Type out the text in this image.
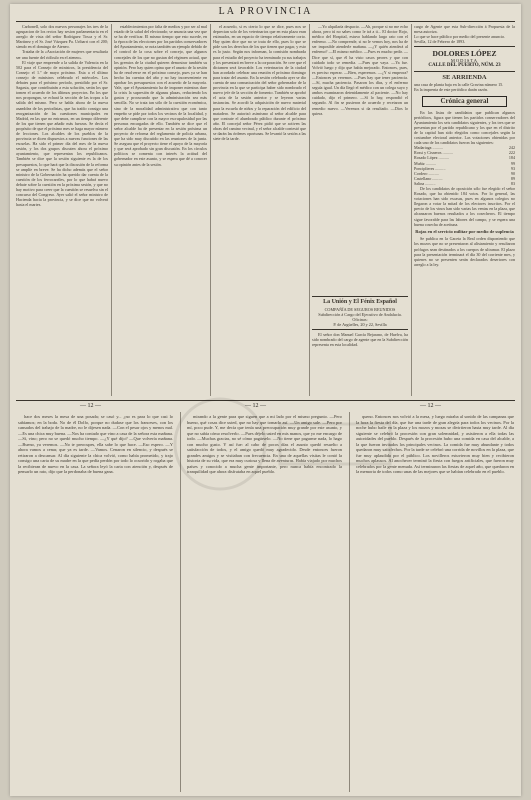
LA PROVINCIA

Carbonell, solo dos nuevos personajes los tres de la agrupacion de los rectos hay sesion parlamentaria en el arreglo de vista del señor Rodriguez Tosca y el Sr. Martinez y el Sr. José Vázquez Pa. Uribarri con el 200; siendo en el domingo de Ateneo.

Trataba de la «Asociación de mujeres que resultaría ser una fuente del ridículo en el ateneo».

El viaje que emprende a la salida de Valencia en la 502 para el Consejo de ministros, la presidencia del Consejo el 1.º de mayo próximo. Esta a el último consejo de ministros celebrado el miércoles. Los debates para el próximo período, presidido por el Sr. Sagasta, que contribuirán a esta solución, serán los que tomen el acuerdo de los últimos proyectos. En los que nos propongan, se echará la sección de las tropas a la salida del mismo. Pero se habla ahora de la nueva asamblea de los periodistas, que ha traído consigo una reorganización de las cuestiones municipales en Madrid, en las que no entramos, en un tiempo diferente de los que tienen que añadir más fuerzas. Se decía el propósito de que el próximo mes se haga mayor número de lecciones. Los alcaldes de los pueblos de la provincia se dicen dispuestos a nuevas funciones de las escuelas. Ha sido el primer día del mes de la nueva sesión, y los dos grupos discuten ahora el próximo ayuntamiento, que representan los republicanos. También se dice que la sesión siguiente es la de los presupuestos, lo que hará que la discusión de la reforma se amplíe en breve. Se ha dicho además que el señor ministro de la Gobernación ha querido dar cuenta de la cuestión de los ferrocarriles, por lo que habrá nuevo debate sobre la cuestión en la próxima sesión, y que no hay motivo para creer que la cuestión se resuelva sin el concurso del Congreso. Ayer salió el señor ministro de Hacienda hacia la provincia, y se dice que no volverá hasta el martes.

establecimientos por falta de medios y por ser al mal estado de la salud del electorado; se anuncia una vez que se ha de verificar. El mismo tiempo que esto sucede, en la época de las elecciones por los partidos conservadores del Ayuntamiento, se nota también un ejemplo debido de el control de la cosa sobre el concejo, que algunos concejales de los que no gustan del régimen actual, que los gremios de la ciudad quieren demostrar también su opinión. Pero hay quien opina que el asunto de la sesión ha de resolverse en el próximo consejo, pues ya se han hecho las cuentas del año y no hay inconveniente en aprobar los presupuestos con el acuerdo de la mayoría. Vale, que el Ayuntamiento ha de imponer mientras dure la crisis la supresión de algunas plazas, reduciendo los gastos y procurando que la administración sea más sencilla. No se trata tan sólo de la cuestión económica, sino de la moralidad administrativa que con tanto empeño se pide por todos los vecinos de la localidad, y que debe cumplirse con la mayor escrupulosidad por las personas encargadas de ello. También se dice que el señor alcalde ha de presentar en la sesión próxima un proyecto de reforma del reglamento de policía urbana, que ha sido muy discutido en las reuniones de la junta. Se asegura que el proyecto tiene el apoyo de la mayoría y que será aprobado sin gran discusión. En los círculos políticos se comenta con interés la actitud del gobernador en este asunto, y se espera que dé a conocer su opinión antes de la sesión.

el acuerdo, si es cierto lo que se dice, pues nos se deprecian solo de los veterinarios que en esta plaza eran estimados, en un espacio de tiempo relativamente corto. Hay quien dice que no se trata de ello, pues lo que se pide son los derechos de los que tienen que pagar, y esto es lo justo. Según nos informan, la comisión nombrada para el estudio del proyecto ha terminado ya sus trabajos y los presentará en breve a la corporación. Se cree que el dictamen será favorable. Los veterinarios de la ciudad han acordado celebrar una reunión el próximo domingo para tratar del asunto. En la sesión celebrada ayer se dio cuenta de una comunicación del señor gobernador de la provincia en la que se participa haber sido nombrado el nuevo jefe de la sección de fomento. También se aprobó el acta de la sesión anterior y se leyeron varias instancias. Se acordó la adquisición de nuevo material para la escuela de niños y la reparación del edificio del matadero. Se autorizó asimismo al señor alcalde para que contrate el alumbrado público durante el próximo año. El concejal señor Pérez pidió que se activen las obras del camino vecinal, y el señor alcalde contestó que se darán las órdenes oportunas. Se levantó la sesión a las siete de la tarde.

—Yo alquilaría despacio. —Ah, porque si no me echo ahora, pero tú no sabes como le irá a ti... El doctor Rojo, médico del Hospital, estuvo hablando largo rato con el enfermo. —No comprende, si no le vemos hoy, nos ha de ser imposible atenderle mañana. —¿Y quién atenderá al enfermo? —El mismo médico. —Pues es mucho pedir. —Dice que sí, que él ha visto casos peores y que con cuidado todo se remedia. —Pues que vaya. —Ya fue. Volvió luego y dijo que había mejorado. Entonces, pues, es preciso esperar. —Bien, esperemos. —¿Y si empeora? —Entonces ya veremos. —Pues hay que tener paciencia. —Sí, mucha paciencia. Pasaron los días, y el enfermo seguía igual. Un día llegó el médico con un colega suyo y ambos examinaron detenidamente al paciente. —No hay cuidado, dijo el primero. —Sí lo hay, respondió el segundo. Al fin se pusieron de acuerdo y recetaron un remedio nuevo. —Veremos si da resultado. —Dios lo quiera.

La Unión y El Fénix Español
COMPAÑÍA DE SEGUROS REUNIDOS
Subdirección á Cargo del Ejecutivo de Andalucía.
Oficinas:
P. de Argüelles, 20 y 22, Sevilla

El señor don Manuel García Bejarano, de Huelva, ha sido nombrado del cargo de agente que en la Subdirección representa en esta localidad.

cargo de Agente que esta Sub-dirección á Propuesta de la mesa autoriza.
Lo que se hace público por medio del presente anuncio.
Sevilla, 12 de Febrero de 1893.

DOLORES LÓPEZ
MODISTA
CALLE DEL PUERTO, NÚM. 23
SE ARRIENDA

una casa de planta baja en la calle Gravina número 15.
En la imprenta de este periódico darán razón.

Crónica general

En las listas de candidatos que publican algunos periódicos, figura que tienen los partidos conservadores del Ayuntamiento los seis candidatos siguientes, y los tres que se presentan por el partido republicano y los que en el distrito de la capital han sido elegidos como concejales según la costumbre electoral anterior. Las votaciones obtenidas por cada uno de los candidatos fueron las siguientes:

Madariaga ..........	242
Rossi y Cisneros ..........	222
Rosado López ..........	184
Muñiz ..........	99
Ponciplieres ..........	93
Cordero ..........	90
Castellano ..........	89
Salina ..........	83

De los candidatos de oposición sólo fue elegido el señor Rosado, que ha obtenido 184 votos. Por lo general, las votaciones han sido escasas, pues en algunos colegios no llegaron a votar la mitad de los electores inscritos. Por el precio de los vinos han sido varias las ventas en la plaza, que alcanzaron buenos resultados a los cosecheros. El tiempo sigue favorable para las labores del campo, y se espera una buena cosecha de aceituna.

Rojas en el servicio militar por medio de suplencia

Se publica en la Gaceta la Real orden disponiendo que los mozos que no se presentaron al alistamiento y resultaron prófugos sean destinados a los cuerpos de ultramar. El plazo para la presentación terminará el día 30 del corriente mes, y quienes no se presenten serán declarados desertores con arreglo a la ley.

— 12 —	— 12 —	— 12 —

hace dos meses la mesa de una posada; se casó y... ¿no es para lo que casi lo sabíamos; en la boda. No de él Dolfo, porque no dudase que los franceses, con los cansados del trabajo de la madre, no le dijesen nada. —Con el pesar ojos y menos mal. —Es una chica muy buena. —Nos ha contado que vino a casa de la señora esta mañana. —Sí, vino; pero no se quedó mucho tiempo. —¿Y qué dijo? —Que volvería mañana. —Bueno, ya veremos. —No te preocupes, ella sabe lo que hace. —Eso espero. —Y ahora vamos a cenar, que ya es tarde. —Vamos. Cenaron en silencio, y después se retiraron a descansar. Al día siguiente la chica volvió, como había prometido, y trajo consigo una carta de su madre en la que pedía perdón por todo lo ocurrido y rogaba que la recibieran de nuevo en la casa. La señora leyó la carta con atención y, después de pensarlo un rato, dijo que la perdonaba de buena gana.

mirando a la gente para que siguen que a mi lado por el mismo pregunto. —Pero bueno, qué cosas dice usted, que no hay que tomarlo así. —Un amigo sale. —Pero por mí, poco pude. Y, me decía que tenía una preocupación muy grande por este asunto, y que no sabía cómo resolverlo. —Pues déjelo usted en mis manos, que yo me encargo de todo. —Muchas gracias, no sé cómo pagárselo. —No tiene que pagarme nada, lo hago con mucho gusto. Y así fue: al cabo de pocos días el asunto quedó resuelto a satisfacción de todos, y el amigo quedó muy agradecido. Desde entonces fueron grandes amigos y se visitaban con frecuencia. En una de aquellas visitas le contó la historia de su vida, que era muy curiosa y llena de aventuras. Había viajado por muchos países y conocido a mucha gente importante, pero nunca había encontrado la tranquilidad que ahora disfrutaba en aquel pueblo.

queno. Entonces nos volvió a la mesa, y luego miraba al sonido de las campanas que la hora la fiesta del día, que fue una tarde de gran alegría para todos los vecinos. Por la noche hubo baile en la plaza y los mozos y mozas se divirtieron hasta muy tarde. Al día siguiente se celebró la procesión con gran solemnidad, y asistieron a ella todas las autoridades del pueblo. Después de la procesión hubo una comida en casa del alcalde, a la que fueron invitados los principales vecinos. La comida fue muy abundante y todos quedaron muy satisfechos. Por la tarde se celebró una corrida de novillos en la plaza, que fue muy aplaudida por el público. Los novilleros estuvieron muy bien y recibieron muchos aplausos. Al anochecer terminó la fiesta con fuegos artificiales, que fueron muy celebrados por la gente menuda. Así terminaron las fiestas de aquel año, que quedaron en la memoria de todos como unas de las mejores que se habían celebrado en el pueblo.
